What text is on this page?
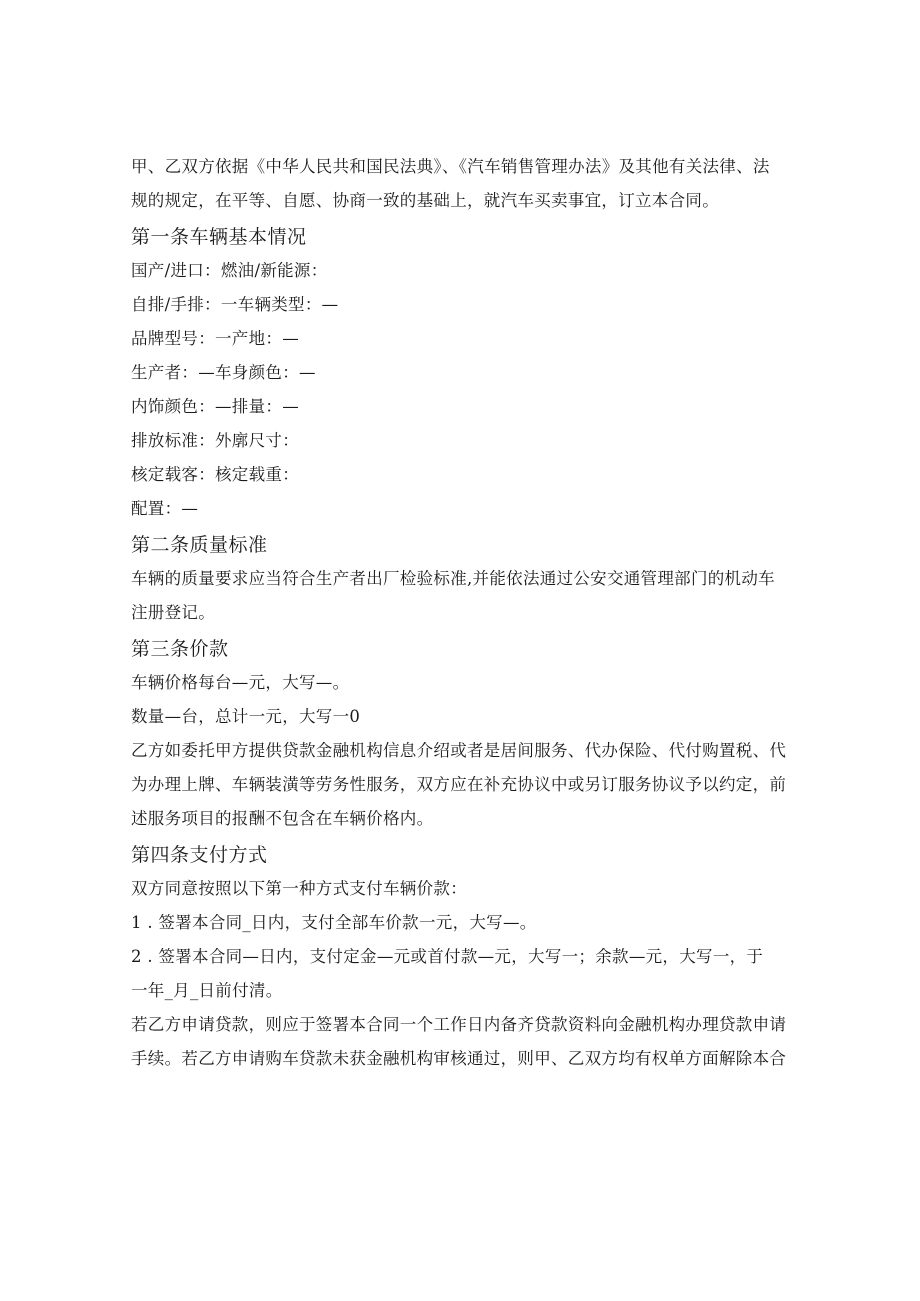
甲、乙双方依据《中华人民共和国民法典》、《汽车销售管理办法》及其他有关法律、法

规的规定，在平等、自愿、协商一致的基础上，就汽车买卖事宜，订立本合同。

第一条车辆基本情况

国产/进口：燃油/新能源：

自排/手排：一车辆类型：—

品牌型号：一产地：—

生产者：—车身颜色：—

内饰颜色：—排量：—

排放标准：外廓尺寸：

核定载客：核定载重：

配置：—

第二条质量标准

车辆的质量要求应当符合生产者出厂检验标准,并能依法通过公安交通管理部门的机动车

注册登记。

第三条价款

车辆价格每台—元，大写—。

数量—台，总计一元，大写一0

乙方如委托甲方提供贷款金融机构信息介绍或者是居间服务、代办保险、代付购置税、代

为办理上牌、车辆装潢等劳务性服务，双方应在补充协议中或另订服务协议予以约定，前

述服务项目的报酬不包含在车辆价格内。

第四条支付方式

双方同意按照以下第一种方式支付车辆价款：

1 . 签署本合同_日内，支付全部车价款一元，大写—。

2 . 签署本合同—日内，支付定金—元或首付款—元，大写一；余款—元，大写一，于

一年_月_日前付清。

若乙方申请贷款，则应于签署本合同一个工作日内备齐贷款资料向金融机构办理贷款申请

手续。若乙方申请购车贷款未获金融机构审核通过，则甲、乙双方均有权单方面解除本合
